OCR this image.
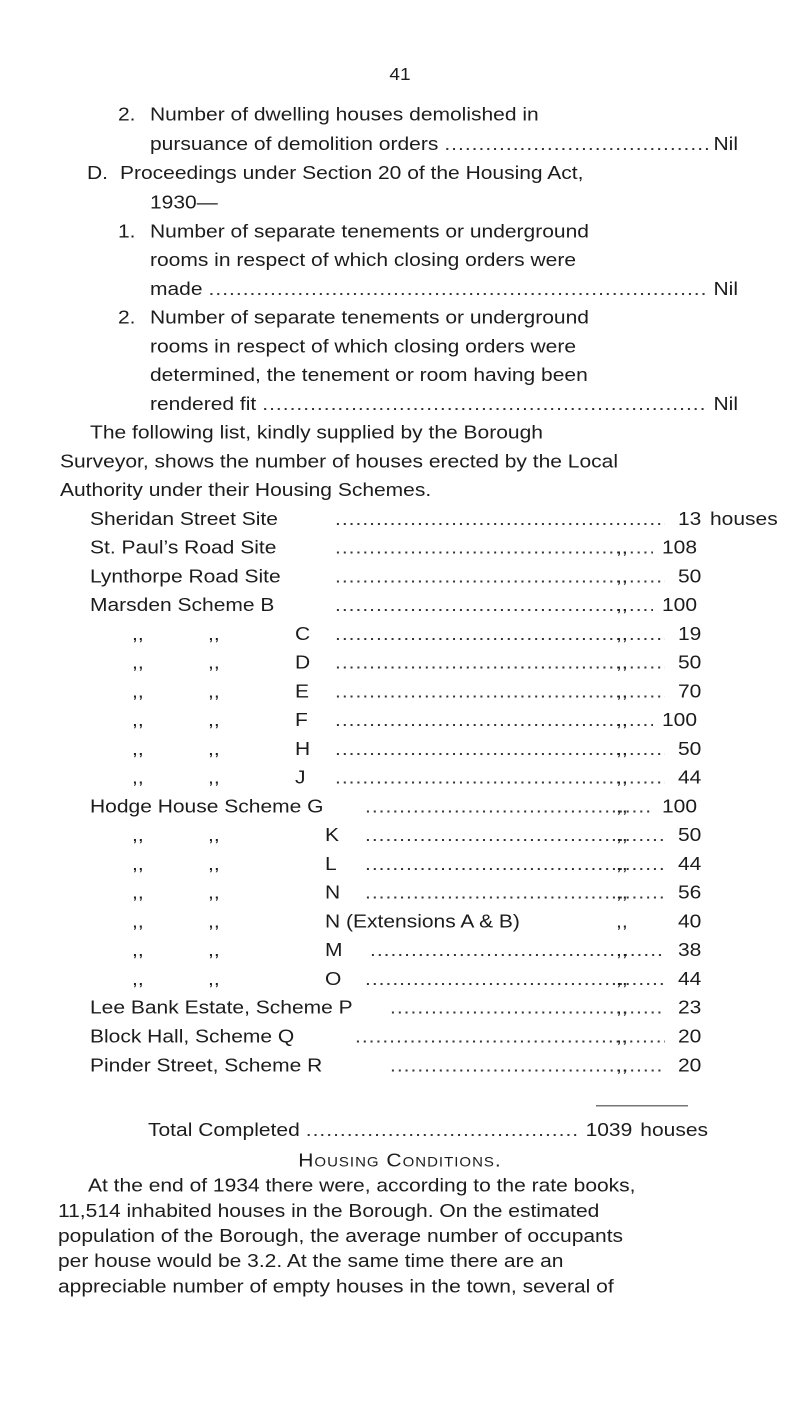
41
2. Number of dwelling houses demolished in
pursuance of demolition orders .....	Nil
D. Proceedings under Section 20 of the Housing Act,
1930—
1. Number of separate tenements or underground
rooms in respect of which closing orders were
made .....	Nil
2. Number of separate tenements or underground
rooms in respect of which closing orders were
determined, the tenement or room having been
rendered fit .....	Nil
The following list, kindly supplied by the Borough
Surveyor, shows the number of houses erected by the Local
Authority under their Housing Schemes.
Sheridan Street Site .....	13 houses
St. Paul’s Road Site .....	108
,,
Lynthorpe Road Site .....	50
,,
Marsden Scheme B .....	100
,,
,,	,,	C .....	19
,,
,,	,,	D .....	50
,,
,,	,,	E .....	70
,,
,,	,,	F .....	100
,,
,,	,,	H .....	50
,,
,,	,,	J .....	44
,,
Hodge House Scheme G .....	100
,,
,,	,,	K .....	50
,,
,,	,,	L .....	44
,,
,,	,,	N .....	56
,,
,,	,,	N (Extensions A & B)	40
,,
,,	,,	M .....	38
,,
,,	,,	O .....	44
,,
Lee Bank Estate, Scheme P .....	23
,,
Block Hall, Scheme Q .....	20
,,
Pinder Street, Scheme R .....	20
,,
Total Completed .....	1039 houses
Housing Conditions.
At the end of 1934 there were, according to the rate books,
11,514 inhabited houses in the Borough. On the estimated
population of the Borough, the average number of occupants
per house would be 3.2. At the same time there are an
appreciable number of empty houses in the town, several of
